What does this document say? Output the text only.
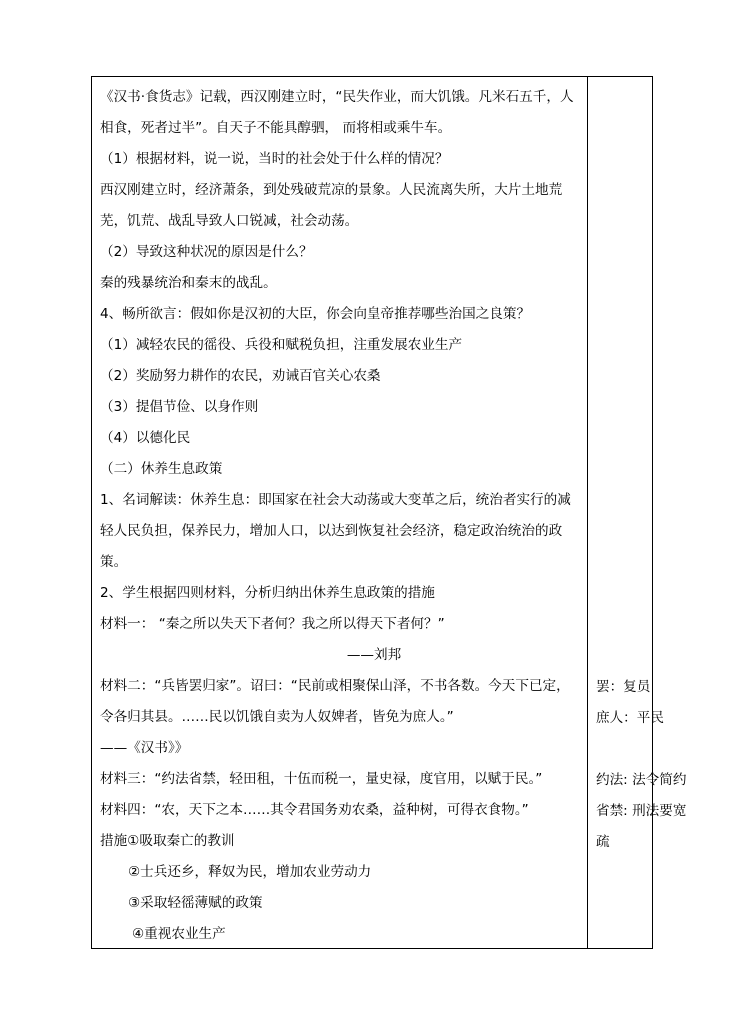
《汉书·食货志》记载，西汉刚建立时，“民失作业，而大饥饿。凡米石五千，人
相食，死者过半”。自天子不能具醇驷， 而将相或乘牛车。
（1）根据材料，说一说，当时的社会处于什么样的情况？
西汉刚建立时，经济萧条，到处残破荒凉的景象。人民流离失所，大片土地荒
芜，饥荒、战乱导致人口锐减，社会动荡。
（2）导致这种状况的原因是什么？
秦的残暴统治和秦末的战乱。
4、畅所欲言：假如你是汉初的大臣，你会向皇帝推荐哪些治国之良策？
（1）减轻农民的徭役、兵役和赋税负担，注重发展农业生产
（2）奖励努力耕作的农民，劝诫百官关心农桑
（3）提倡节俭、以身作则
（4）以德化民
（二）休养生息政策
1、名词解读：休养生息：即国家在社会大动荡或大变革之后，统治者实行的减
轻人民负担，保养民力，增加人口，以达到恢复社会经济，稳定政治统治的政
策。
2、学生根据四则材料，分析归纳出休养生息政策的措施
材料一： “秦之所以失天下者何？我之所以得天下者何？”
——刘邦
材料二：“兵皆罢归家”。诏曰：“民前或相聚保山泽，不书各数。今天下已定，
令各归其县。……民以饥饿自卖为人奴婢者，皆免为庶人。”
——《汉书》》
材料三：“约法省禁，轻田租，十伍而税一，量史禄，度官用，以赋于民。”
材料四：“农，天下之本……其令君国务劝农桑，益种树，可得衣食物。”
措施①吸取秦亡的教训
②士兵还乡，释奴为民，增加农业劳动力
③采取轻徭薄赋的政策
④重视农业生产
罢：复员
庶人：平民
约法: 法令简约
省禁: 刑法要宽
疏
